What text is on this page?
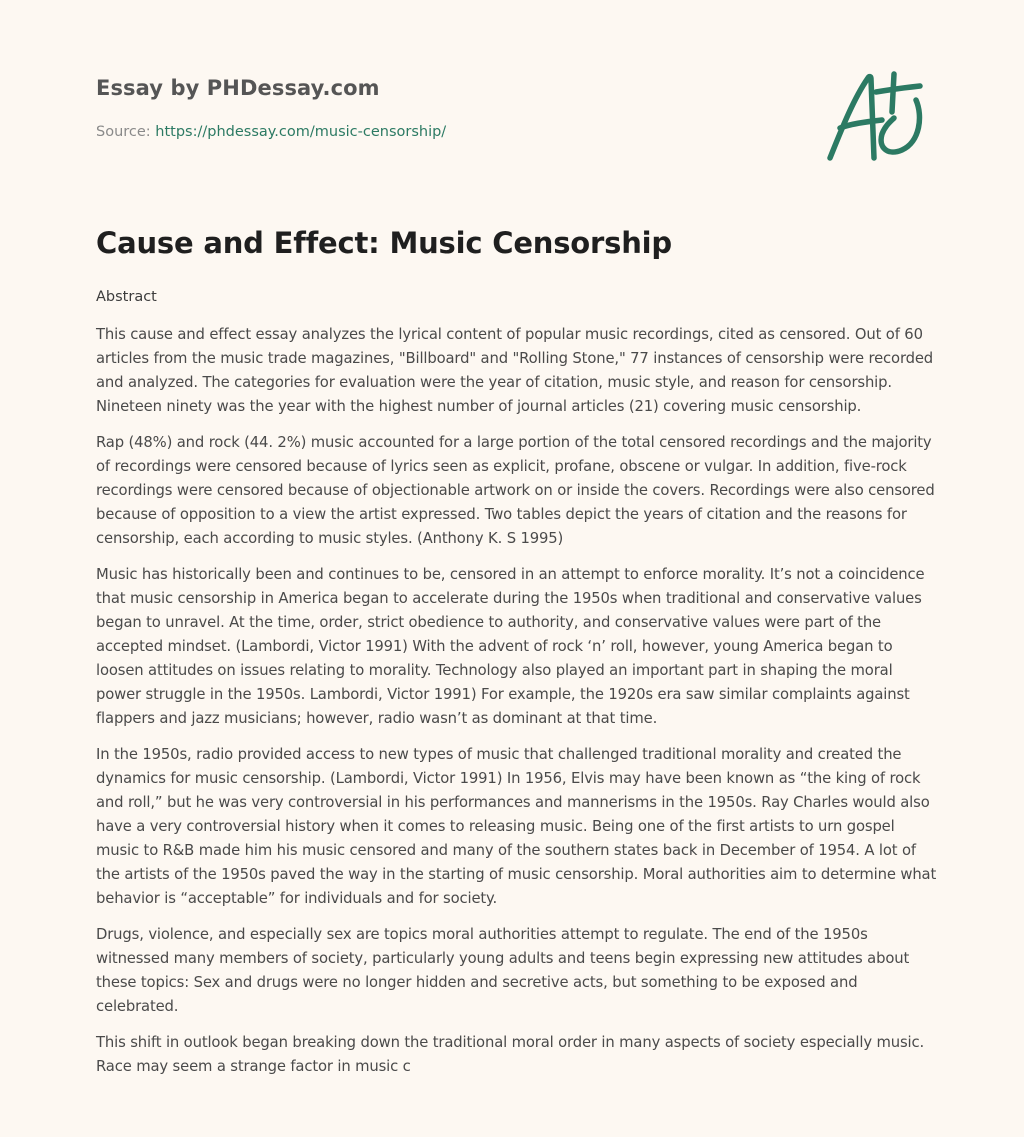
Essay by PHDessay.com

Source: https://phdessay.com/music-censorship/

Cause and Effect: Music Censorship

Abstract

This cause and effect essay analyzes the lyrical content of popular music recordings, cited as censored. Out of 60 articles from the music trade magazines, "Billboard" and "Rolling Stone," 77 instances of censorship were recorded and analyzed. The categories for evaluation were the year of citation, music style, and reason for censorship. Nineteen ninety was the year with the highest number of journal articles (21) covering music censorship.

Rap (48%) and rock (44. 2%) music accounted for a large portion of the total censored recordings and the majority of recordings were censored because of lyrics seen as explicit, profane, obscene or vulgar. In addition, five-rock recordings were censored because of objectionable artwork on or inside the covers. Recordings were also censored because of opposition to a view the artist expressed. Two tables depict the years of citation and the reasons for censorship, each according to music styles. (Anthony K. S 1995)

Music has historically been and continues to be, censored in an attempt to enforce morality. It’s not a coincidence that music censorship in America began to accelerate during the 1950s when traditional and conservative values began to unravel. At the time, order, strict obedience to authority, and conservative values were part of the accepted mindset. (Lambordi, Victor 1991) With the advent of rock ‘n’ roll, however, young America began to loosen attitudes on issues relating to morality. Technology also played an important part in shaping the moral power struggle in the 1950s. Lambordi, Victor 1991) For example, the 1920s era saw similar complaints against flappers and jazz musicians; however, radio wasn’t as dominant at that time.

In the 1950s, radio provided access to new types of music that challenged traditional morality and created the dynamics for music censorship. (Lambordi, Victor 1991) In 1956, Elvis may have been known as “the king of rock and roll,” but he was very controversial in his performances and mannerisms in the 1950s. Ray Charles would also have a very controversial history when it comes to releasing music. Being one of the first artists to urn gospel music to R&B made him his music censored and many of the southern states back in December of 1954. A lot of the artists of the 1950s paved the way in the starting of music censorship. Moral authorities aim to determine what behavior is “acceptable” for individuals and for society.

Drugs, violence, and especially sex are topics moral authorities attempt to regulate. The end of the 1950s witnessed many members of society, particularly young adults and teens begin expressing new attitudes about these topics: Sex and drugs were no longer hidden and secretive acts, but something to be exposed and celebrated.

This shift in outlook began breaking down the traditional moral order in many aspects of society especially music. Race may seem a strange factor in music c
